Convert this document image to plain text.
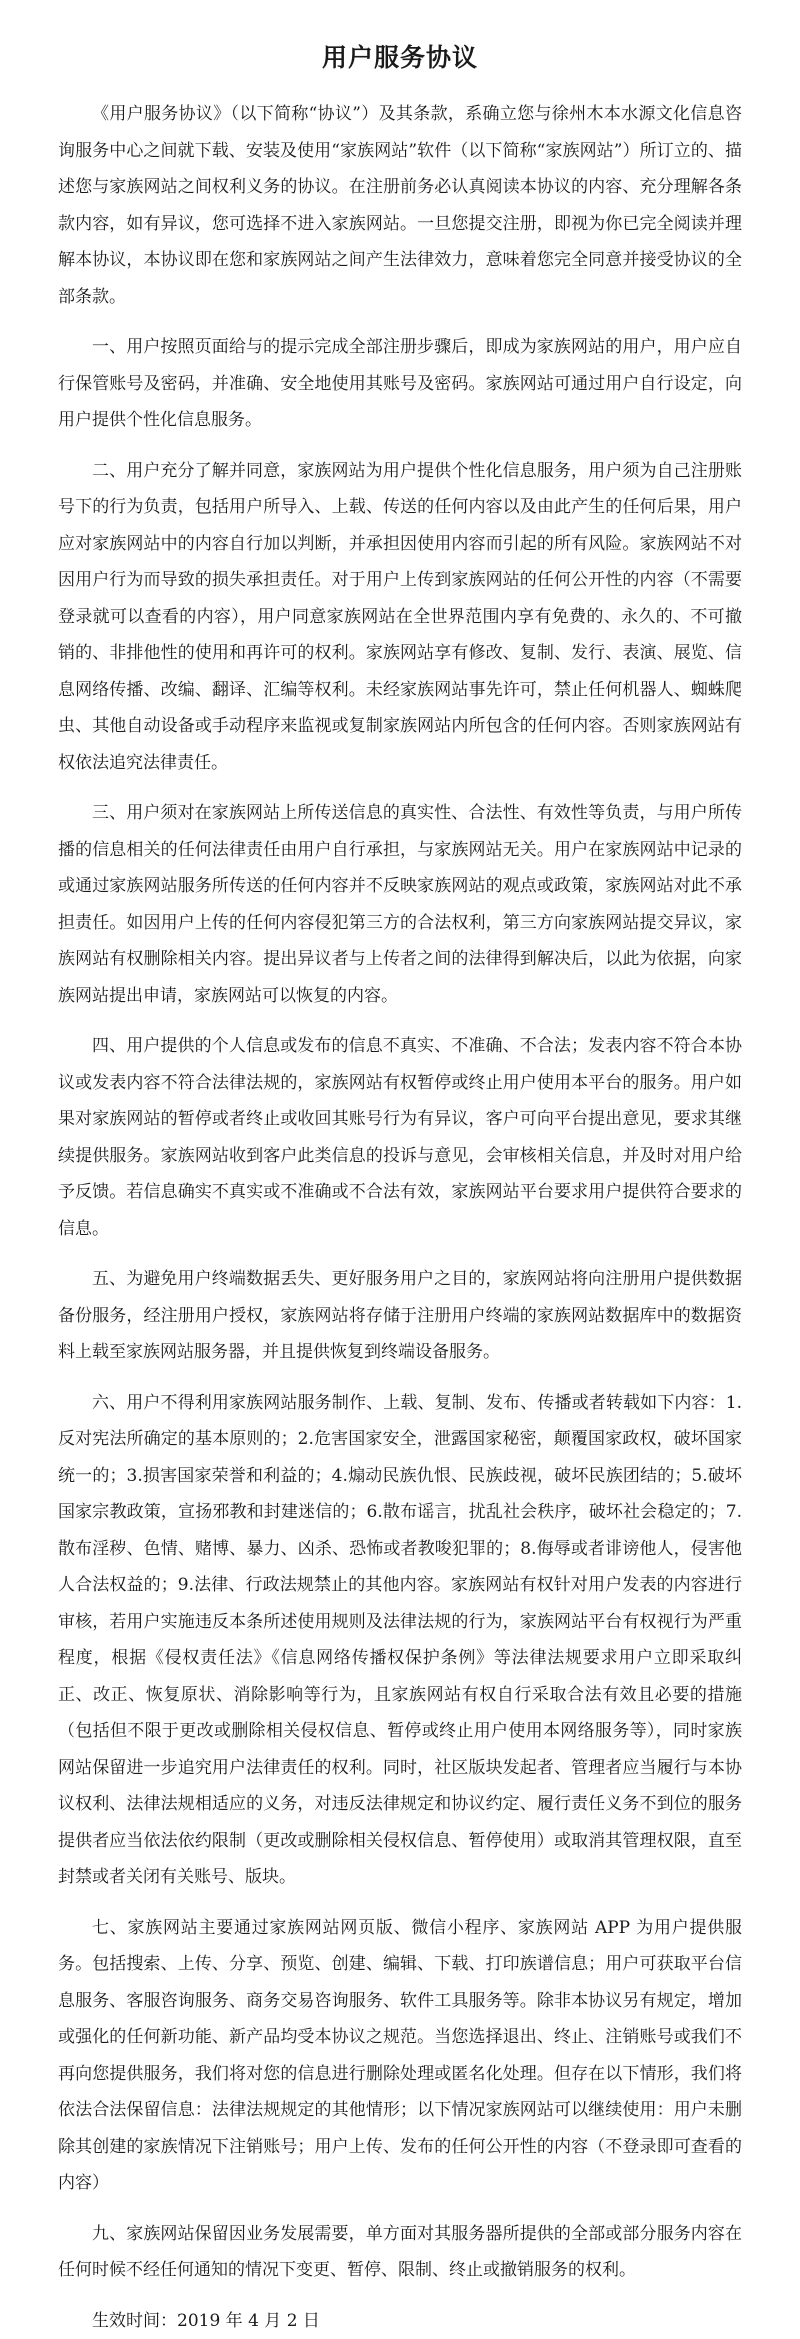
用户服务协议

《用户服务协议》（以下简称“协议”）及其条款，系确立您与徐州木本水源文化信息咨询服务中心之间就下载、安装及使用“家族网站”软件（以下简称“家族网站”）所订立的、描述您与家族网站之间权利义务的协议。在注册前务必认真阅读本协议的内容、充分理解各条款内容，如有异议，您可选择不进入家族网站。一旦您提交注册，即视为你已完全阅读并理解本协议，本协议即在您和家族网站之间产生法律效力，意味着您完全同意并接受协议的全部条款。

一、用户按照页面给与的提示完成全部注册步骤后，即成为家族网站的用户，用户应自行保管账号及密码，并准确、安全地使用其账号及密码。家族网站可通过用户自行设定，向用户提供个性化信息服务。

二、用户充分了解并同意，家族网站为用户提供个性化信息服务，用户须为自己注册账号下的行为负责，包括用户所导入、上载、传送的任何内容以及由此产生的任何后果，用户应对家族网站中的内容自行加以判断，并承担因使用内容而引起的所有风险。家族网站不对因用户行为而导致的损失承担责任。对于用户上传到家族网站的任何公开性的内容（不需要登录就可以查看的内容），用户同意家族网站在全世界范围内享有免费的、永久的、不可撤销的、非排他性的使用和再许可的权利。家族网站享有修改、复制、发行、表演、展览、信息网络传播、改编、翻译、汇编等权利。未经家族网站事先许可，禁止任何机器人、蜘蛛爬虫、其他自动设备或手动程序来监视或复制家族网站内所包含的任何内容。否则家族网站有权依法追究法律责任。

三、用户须对在家族网站上所传送信息的真实性、合法性、有效性等负责，与用户所传播的信息相关的任何法律责任由用户自行承担，与家族网站无关。用户在家族网站中记录的或通过家族网站服务所传送的任何内容并不反映家族网站的观点或政策，家族网站对此不承担责任。如因用户上传的任何内容侵犯第三方的合法权利，第三方向家族网站提交异议，家族网站有权删除相关内容。提出异议者与上传者之间的法律得到解决后，以此为依据，向家族网站提出申请，家族网站可以恢复的内容。

四、用户提供的个人信息或发布的信息不真实、不准确、不合法；发表内容不符合本协议或发表内容不符合法律法规的，家族网站有权暂停或终止用户使用本平台的服务。用户如果对家族网站的暂停或者终止或收回其账号行为有异议，客户可向平台提出意见，要求其继续提供服务。家族网站收到客户此类信息的投诉与意见，会审核相关信息，并及时对用户给予反馈。若信息确实不真实或不准确或不合法有效，家族网站平台要求用户提供符合要求的信息。

五、为避免用户终端数据丢失、更好服务用户之目的，家族网站将向注册用户提供数据备份服务，经注册用户授权，家族网站将存储于注册用户终端的家族网站数据库中的数据资料上载至家族网站服务器，并且提供恢复到终端设备服务。

六、用户不得利用家族网站服务制作、上载、复制、发布、传播或者转载如下内容：1.反对宪法所确定的基本原则的；2.危害国家安全，泄露国家秘密，颠覆国家政权，破坏国家统一的；3.损害国家荣誉和利益的；4.煽动民族仇恨、民族歧视，破坏民族团结的；5.破坏国家宗教政策，宣扬邪教和封建迷信的；6.散布谣言，扰乱社会秩序，破坏社会稳定的；7.散布淫秽、色情、赌博、暴力、凶杀、恐怖或者教唆犯罪的；8.侮辱或者诽谤他人，侵害他人合法权益的；9.法律、行政法规禁止的其他内容。家族网站有权针对用户发表的内容进行审核，若用户实施违反本条所述使用规则及法律法规的行为，家族网站平台有权视行为严重程度，根据《侵权责任法》《信息网络传播权保护条例》等法律法规要求用户立即采取纠正、改正、恢复原状、消除影响等行为，且家族网站有权自行采取合法有效且必要的措施（包括但不限于更改或删除相关侵权信息、暂停或终止用户使用本网络服务等），同时家族网站保留进一步追究用户法律责任的权利。同时，社区版块发起者、管理者应当履行与本协议权利、法律法规相适应的义务，对违反法律规定和协议约定、履行责任义务不到位的服务提供者应当依法依约限制（更改或删除相关侵权信息、暂停使用）或取消其管理权限，直至封禁或者关闭有关账号、版块。

七、家族网站主要通过家族网站网页版、微信小程序、家族网站 APP 为用户提供服务。包括搜索、上传、分享、预览、创建、编辑、下载、打印族谱信息；用户可获取平台信息服务、客服咨询服务、商务交易咨询服务、软件工具服务等。除非本协议另有规定，增加或强化的任何新功能、新产品均受本协议之规范。当您选择退出、终止、注销账号或我们不再向您提供服务，我们将对您的信息进行删除处理或匿名化处理。但存在以下情形，我们将依法合法保留信息：法律法规规定的其他情形；以下情况家族网站可以继续使用：用户未删除其创建的家族情况下注销账号；用户上传、发布的任何公开性的内容（不登录即可查看的内容）

九、家族网站保留因业务发展需要，单方面对其服务器所提供的全部或部分服务内容在任何时候不经任何通知的情况下变更、暂停、限制、终止或撤销服务的权利。

生效时间：2019 年 4 月 2 日
